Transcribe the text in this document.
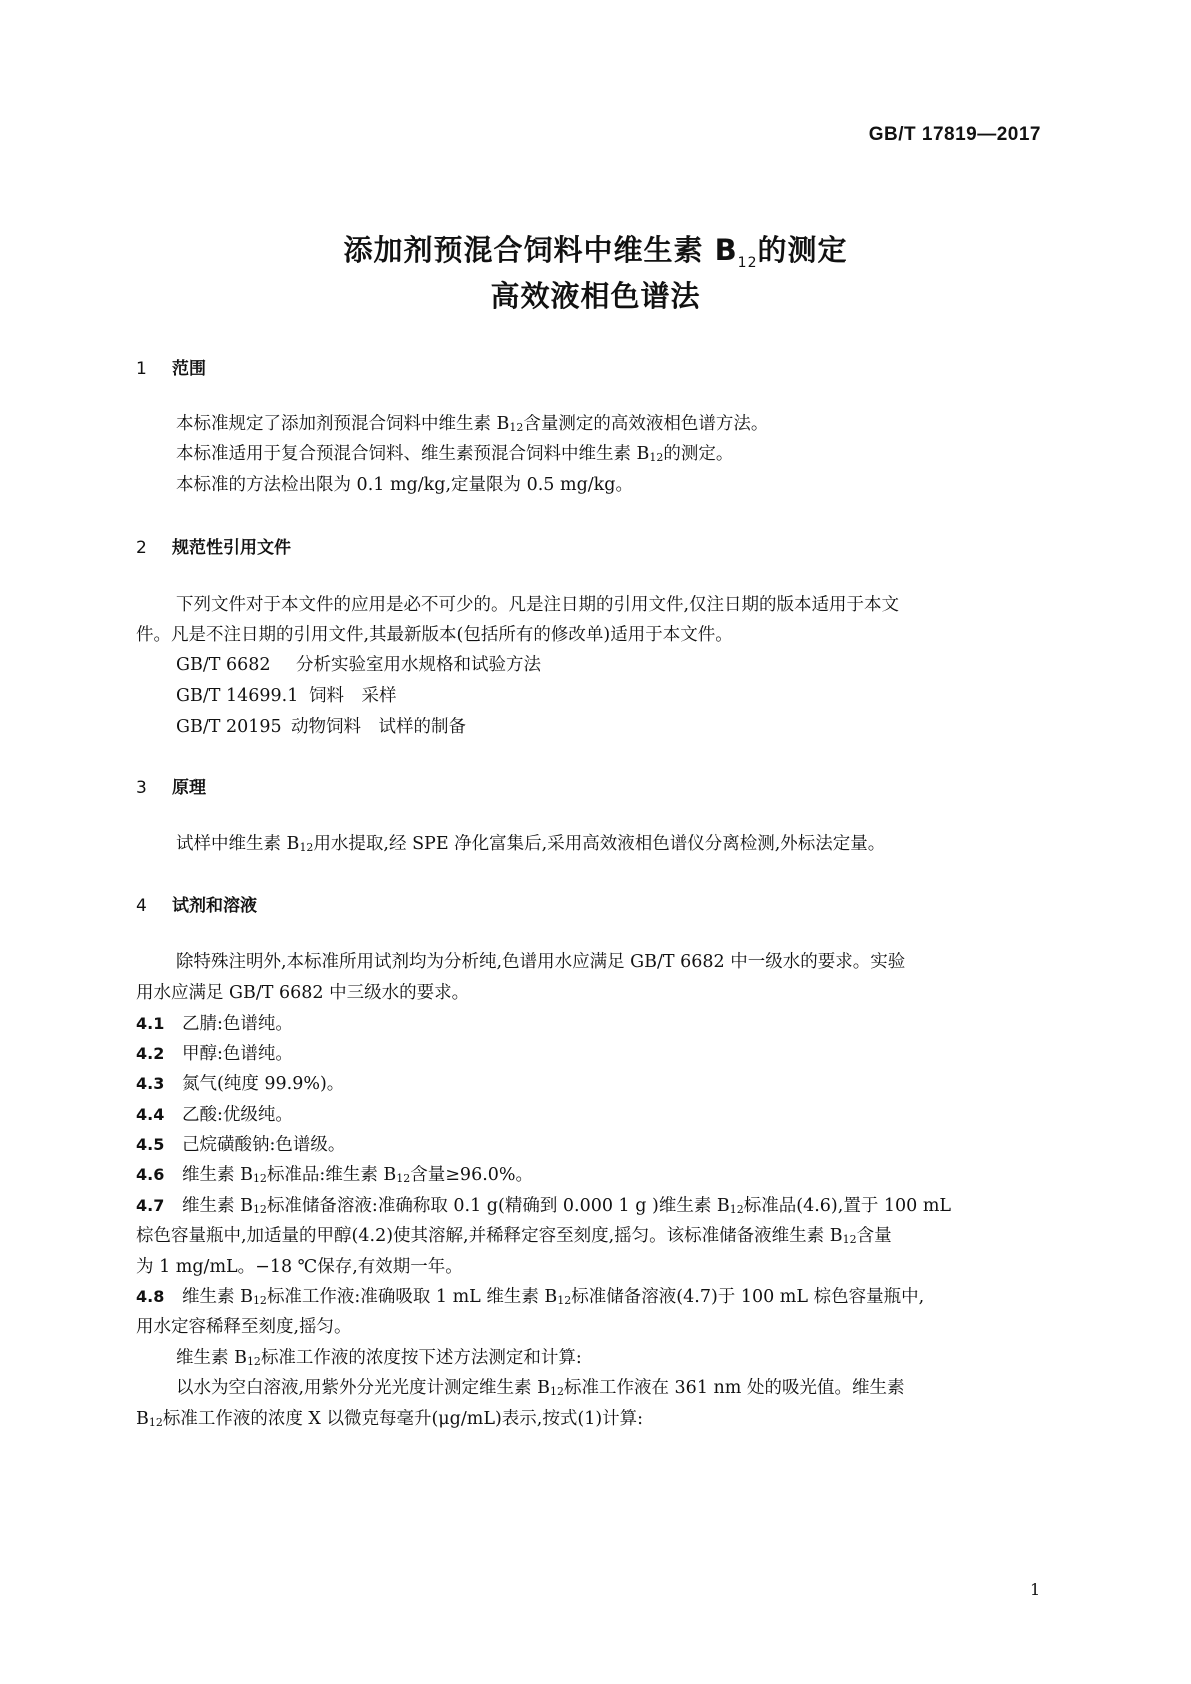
GB/T 17819—2017
添加剂预混合饲料中维生素 $B_{12}$的测定
高效液相色谱法
1 范围
本标准规定了添加剂预混合饲料中维生素 $B_{12}$含量测定的高效液相色谱方法。
本标准适用于复合预混合饲料、维生素预混合饲料中维生素 $B_{12}$的测定。
本标准的方法检出限为 0.1 mg/kg,定量限为 0.5 mg/kg。
2 规范性引用文件
下列文件对于本文件的应用是必不可少的。凡是注日期的引用文件,仅注日期的版本适用于本文
件。凡是不注日期的引用文件,其最新版本(包括所有的修改单)适用于本文件。
GB/T 6682 分析实验室用水规格和试验方法
GB/T 14699.1 饲料　采样
GB/T 20195 动物饲料　试样的制备
3 原理
试样中维生素 $B_{12}$用水提取,经 SPE 净化富集后,采用高效液相色谱仪分离检测,外标法定量。
4 试剂和溶液
除特殊注明外,本标准所用试剂均为分析纯,色谱用水应满足 GB/T 6682 中一级水的要求。实验
用水应满足 GB/T 6682 中三级水的要求。
4.1 乙腈:色谱纯。
4.2 甲醇:色谱纯。
4.3 氮气(纯度 99.9%)。
4.4 乙酸:优级纯。
4.5 己烷磺酸钠:色谱级。
4.6 维生素 $B_{12}$标准品:维生素 $B_{12}$含量≥96.0%。
4.7 维生素 $B_{12}$标准储备溶液:准确称取 0.1 g(精确到 0.000 1 g )维生素 $B_{12}$标准品(4.6),置于 100 mL
棕色容量瓶中,加适量的甲醇(4.2)使其溶解,并稀释定容至刻度,摇匀。该标准储备液维生素 $B_{12}$含量
为 1 mg/mL。−18 ℃保存,有效期一年。
4.8 维生素 $B_{12}$标准工作液:准确吸取 1 mL 维生素 $B_{12}$标准储备溶液(4.7)于 100 mL 棕色容量瓶中,
用水定容稀释至刻度,摇匀。
维生素 $B_{12}$标准工作液的浓度按下述方法测定和计算:
以水为空白溶液,用紫外分光光度计测定维生素 $B_{12}$标准工作液在 361 nm 处的吸光值。维生素
$B_{12}$标准工作液的浓度 X 以微克每毫升(μg/mL)表示,按式(1)计算:
1
